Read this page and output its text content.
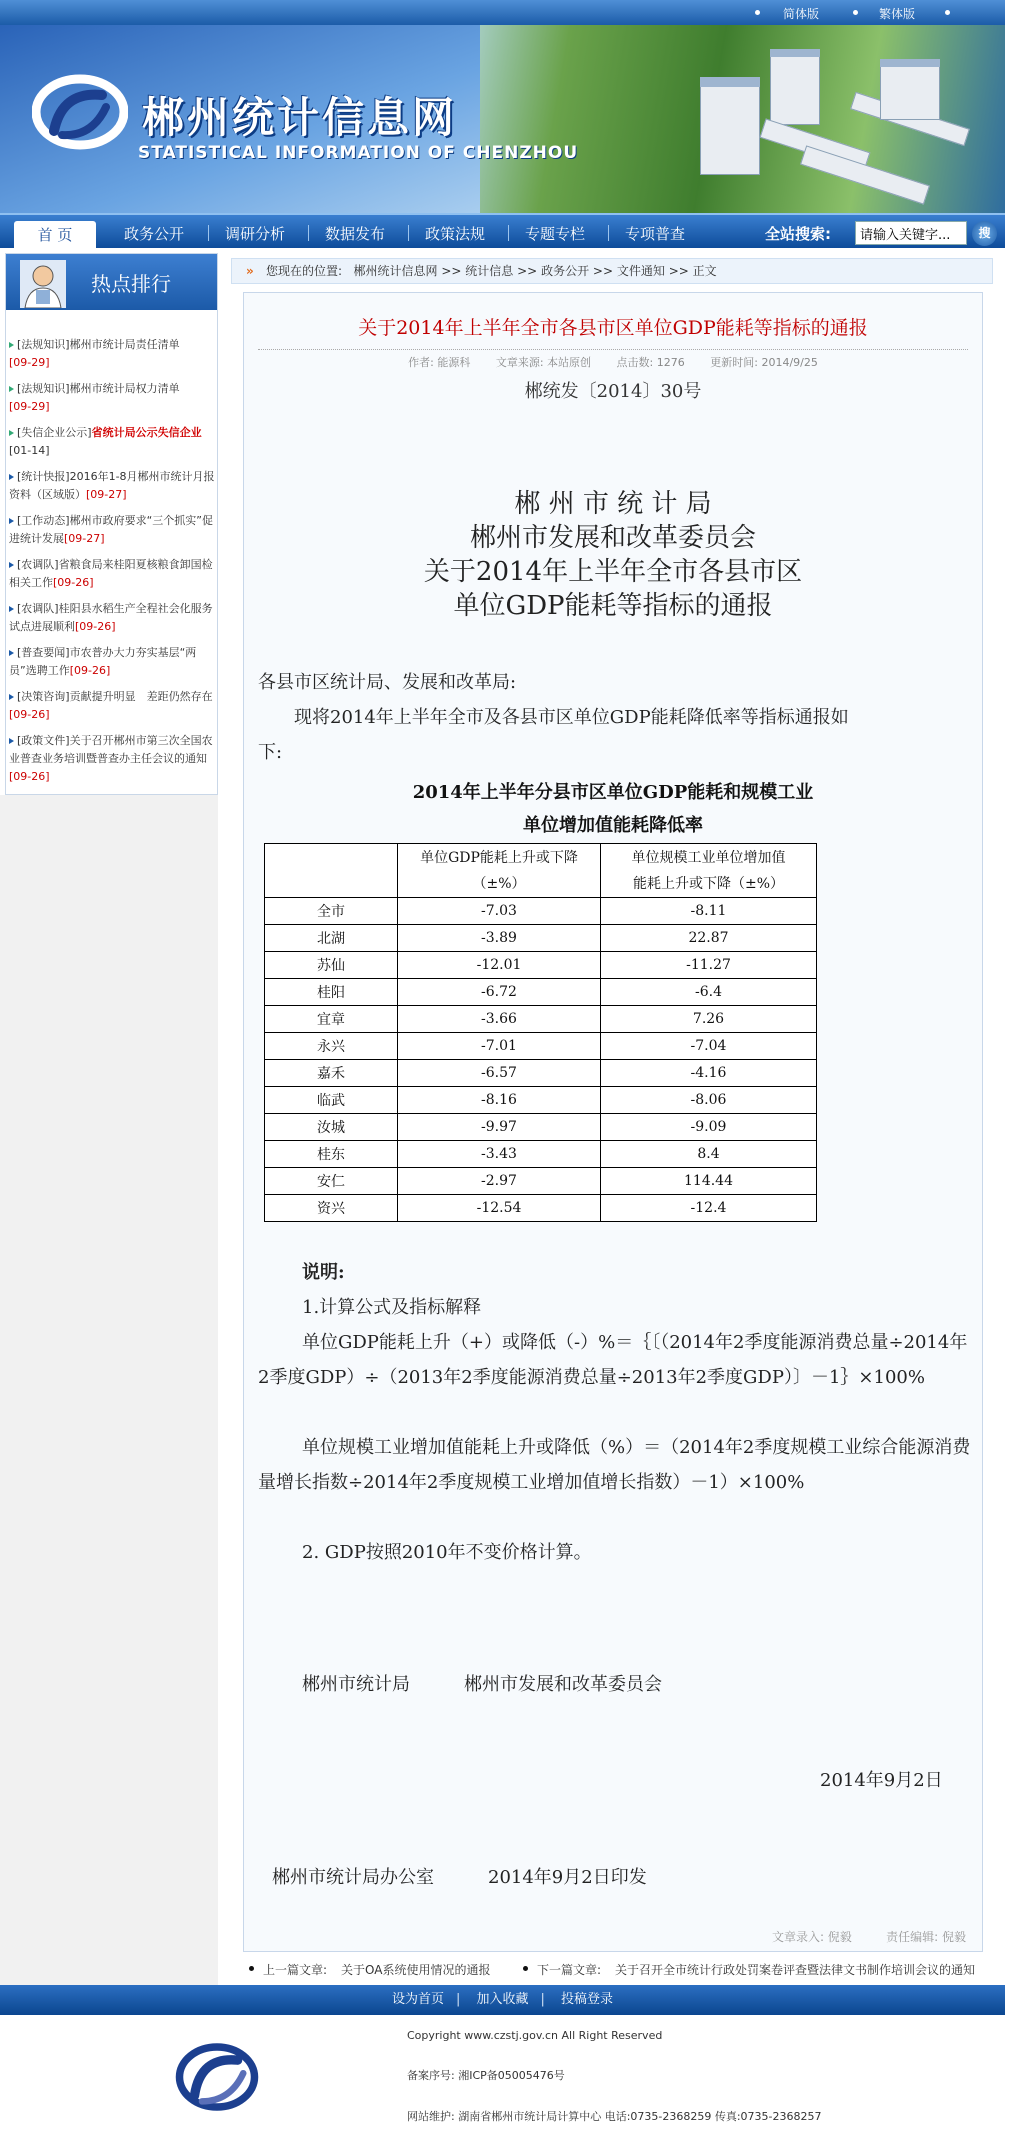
简体版	繁体版
郴州统计信息网
STATISTICAL INFORMATION OF CHENZHOU
首 页	政务公开	调研分析	数据发布	政策法规	专题专栏	专项普查	全站搜索:
请输入关键字...	搜
热点排行
[法规知识]郴州市统计局责任清单
[09-29]
[法规知识]郴州市统计局权力清单
[09-29]
[失信企业公示]省统计局公示失信企业[01-14]
[统计快报]2016年1-8月郴州市统计月报资料（区域版）[09-27]
[工作动态]郴州市政府要求“三个抓实”促进统计发展[09-27]
[农调队]省粮食局来桂阳夏核粮食卸国检相关工作[09-26]
[农调队]桂阳县水稻生产全程社会化服务试点进展顺利[09-26]
[普查要闻]市农普办大力夯实基层“两员”选聘工作[09-26]
[决策咨询]贡献提升明显　差距仍然存在[09-26]
[政策文件]关于召开郴州市第三次全国农业普查业务培训暨普查办主任会议的通知[09-26]
» 您现在的位置: 郴州统计信息网 >> 统计信息 >> 政务公开 >> 文件通知 >> 正文
关于2014年上半年全市各县市区单位GDP能耗等指标的通报
作者: 能源科 文章来源: 本站原创 点击数: 1276 更新时间: 2014/9/25
郴统发〔2014〕30号
郴 州 市 统 计 局
郴州市发展和改革委员会
关于2014年上半年全市各县市区
单位GDP能耗等指标的通报
各县市区统计局、发展和改革局:
　　现将2014年上半年全市及各县市区单位GDP能耗降低率等指标通报如
下:
2014年上半年分县市区单位GDP能耗和规模工业
单位增加值能耗降低率
	单位GDP能耗上升或下降
（±%）	单位规模工业单位增加值
能耗上升或下降（±%）
全市	-7.03	-8.11
北湖	-3.89	22.87
苏仙	-12.01	-11.27
桂阳	-6.72	-6.4
宜章	-3.66	7.26
永兴	-7.01	-7.04
嘉禾	-6.57	-4.16
临武	-8.16	-8.06
汝城	-9.97	-9.09
桂东	-3.43	8.4
安仁	-2.97	114.44
资兴	-12.54	-12.4
说明:
1.计算公式及指标解释
单位GDP能耗上升（+）或降低（-）%＝｛〔（2014年2季度能源消费总量÷2014年2季度GDP）÷（2013年2季度能源消费总量÷2013年2季度GDP）〕－1｝×100%
单位规模工业增加值能耗上升或降低（%）＝（2014年2季度规模工业综合能源消费量增长指数÷2014年2季度规模工业增加值增长指数）－1）×100%
2. GDP按照2010年不变价格计算。
郴州市统计局　　　郴州市发展和改革委员会
2014年9月2日
郴州市统计局办公室　　　2014年9月2日印发
文章录入: 倪毅	责任编辑: 倪毅
上一篇文章: 关于OA系统使用情况的通报	下一篇文章: 关于召开全市统计行政处罚案卷评查暨法律文书制作培训会议的通知
设为首页 | 加入收藏 | 投稿登录
Copyright www.czstj.gov.cn All Right Reserved
备案序号: 湘ICP备05005476号
网站维护: 湖南省郴州市统计局计算中心 电话:0735-2368259 传真:0735-2368257
